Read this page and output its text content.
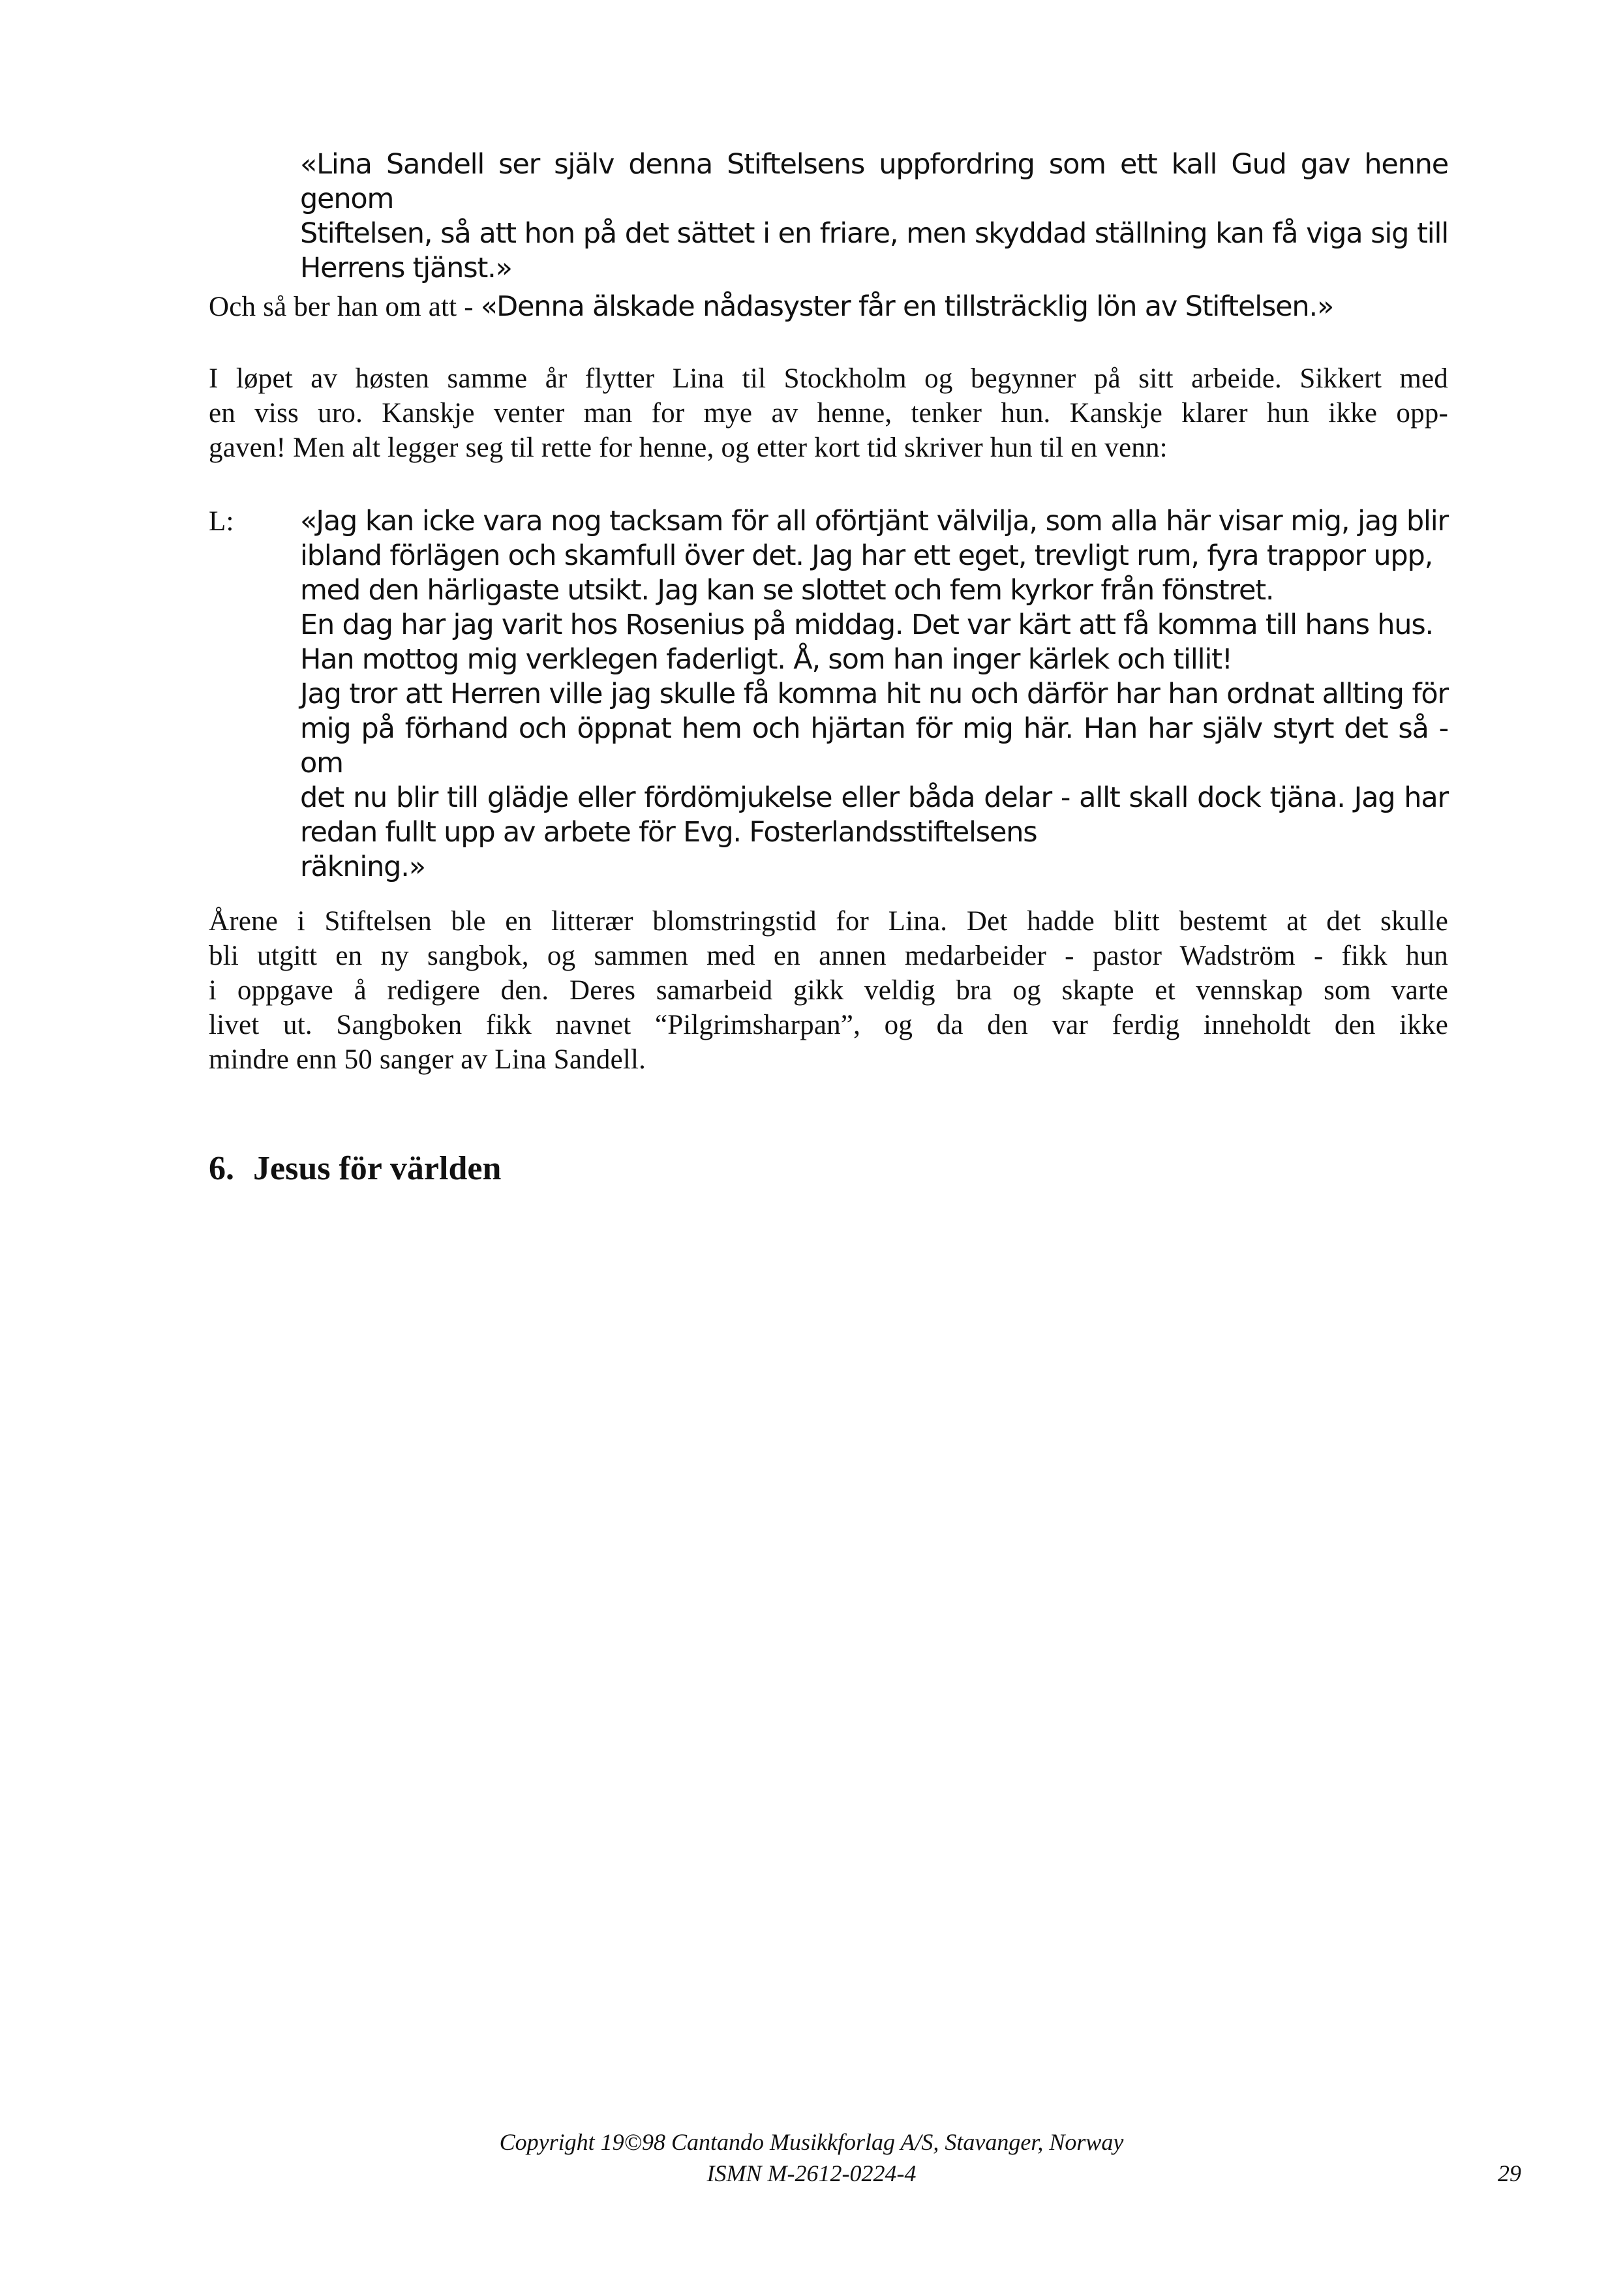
«Lina Sandell ser själv denna Stiftelsens uppfordring som ett kall Gud gav henne genom
Stiftelsen, så att hon på det sättet i en friare, men skyddad ställning kan få viga sig till
Herrens tjänst.»
Och så ber han om att - «Denna älskade nådasyster får en tillsträcklig lön av Stiftelsen.»
I løpet av høsten samme år flytter Lina til Stockholm og begynner på sitt arbeide. Sikkert med
en viss uro. Kanskje venter man for mye av henne, tenker hun. Kanskje klarer hun ikke opp-
gaven! Men alt legger seg til rette for henne, og etter kort tid skriver hun til en venn:
L: «Jag kan icke vara nog tacksam för all oförtjänt välvilja, som alla här visar mig, jag blir
ibland förlägen och skamfull över det. Jag har ett eget, trevligt rum, fyra trappor upp,
med den härligaste utsikt. Jag kan se slottet och fem kyrkor från fönstret.
En dag har jag varit hos Rosenius på middag. Det var kärt att få komma till hans hus.
Han mottog mig verklegen faderligt. Å, som han inger kärlek och tillit!
Jag tror att Herren ville jag skulle få komma hit nu och därför har han ordnat allting för
mig på förhand och öppnat hem och hjärtan för mig här. Han har själv styrt det så - om
det nu blir till glädje eller fördömjukelse eller båda delar - allt skall dock tjäna. Jag har
redan fullt upp av arbete för Evg. Fosterlandsstiftelsens
räkning.»
Årene i Stiftelsen ble en litterær blomstringstid for Lina. Det hadde blitt bestemt at det skulle
bli utgitt en ny sangbok, og sammen med en annen medarbeider - pastor Wadström - fikk hun
i oppgave å redigere den. Deres samarbeid gikk veldig bra og skapte et vennskap som varte
livet ut. Sangboken fikk navnet “Pilgrimsharpan”, og da den var ferdig inneholdt den ikke
mindre enn 50 sanger av Lina Sandell.
6. Jesus för världen
Copyright 19©98 Cantando Musikkforlag A/S, Stavanger, Norway
ISMN M-2612-0224-4	29
